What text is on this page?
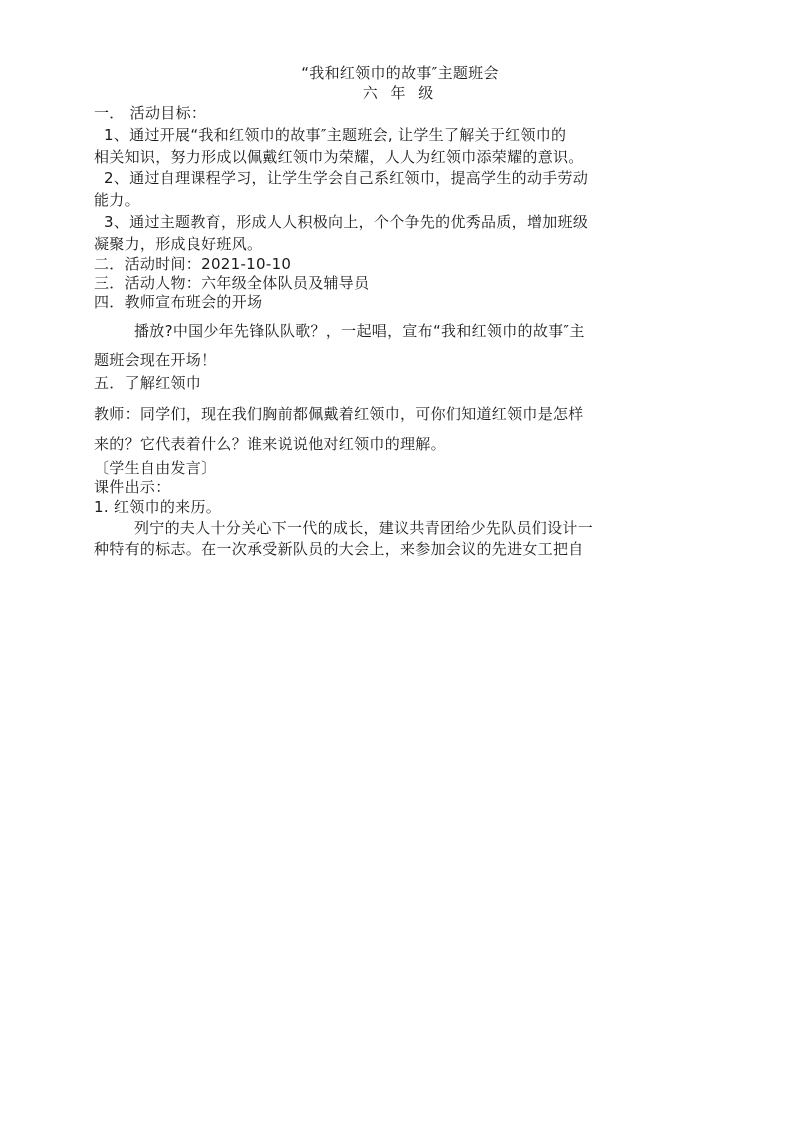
“我和红领巾的故事″主题班会
六 年 级
一． 活动目标：
1、通过开展“我和红领巾的故事″主题班会, 让学生了解关于红领巾的
相关知识，努力形成以佩戴红领巾为荣耀，人人为红领巾添荣耀的意识。
2、通过自理课程学习，让学生学会自己系红领巾，提高学生的动手劳动
能力。
3、通过主题教育，形成人人积极向上，个个争先的优秀品质，增加班级
凝聚力，形成良好班风。
二．活动时间：2021-10-10
三．活动人物：六年级全体队员及辅导员
四．教师宣布班会的开场
播放?中国少年先锋队队歌？，一起唱，宣布“我和红领巾的故事″主
题班会现在开场！
五．了解红领巾
教师：同学们，现在我们胸前都佩戴着红领巾，可你们知道红领巾是怎样
来的？它代表着什么？谁来说说他对红领巾的理解。
〔学生自由发言〕
课件出示：
1. 红领巾的来历。
列宁的夫人十分关心下一代的成长，建议共青团给少先队员们设计一
种特有的标志。在一次承受新队员的大会上，来参加会议的先进女工把自
